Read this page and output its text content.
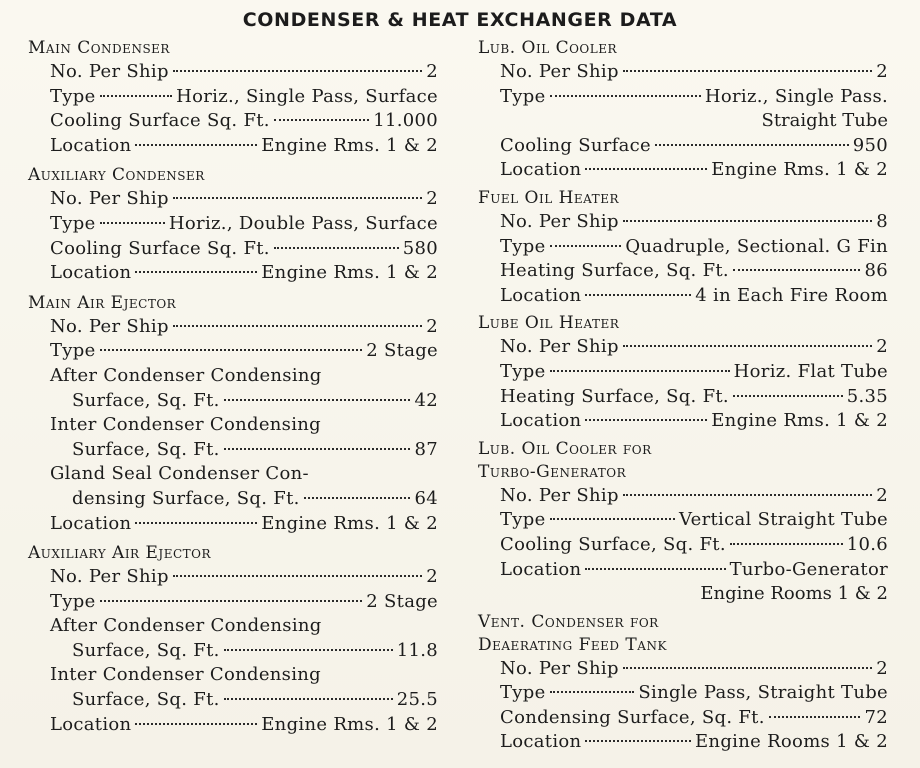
CONDENSER & HEAT EXCHANGER DATA
Main Condenser
No. Per Ship	2
Type	Horiz., Single Pass, Surface
Cooling Surface Sq. Ft.	11.000
Location	Engine Rms. 1 & 2
Auxiliary Condenser
No. Per Ship	2
Type	Horiz., Double Pass, Surface
Cooling Surface Sq. Ft.	580
Location	Engine Rms. 1 & 2
Main Air Ejector
No. Per Ship	2
Type	2 Stage
After Condenser Condensing
Surface, Sq. Ft.	42
Inter Condenser Condensing
Surface, Sq. Ft.	87
Gland Seal Condenser Con-
densing Surface, Sq. Ft.	64
Location	Engine Rms. 1 & 2
Auxiliary Air Ejector
No. Per Ship	2
Type	2 Stage
After Condenser Condensing
Surface, Sq. Ft.	11.8
Inter Condenser Condensing
Surface, Sq. Ft.	25.5
Location	Engine Rms. 1 & 2
Lub. Oil Cooler
No. Per Ship	2
Type	Horiz., Single Pass.
Straight Tube
Cooling Surface	950
Location	Engine Rms. 1 & 2
Fuel Oil Heater
No. Per Ship	8
Type	Quadruple, Sectional. G Fin
Heating Surface, Sq. Ft.	86
Location	4 in Each Fire Room
Lube Oil Heater
No. Per Ship	2
Type	Horiz. Flat Tube
Heating Surface, Sq. Ft.	5.35
Location	Engine Rms. 1 & 2
Lub. Oil Cooler for
Turbo-Generator
No. Per Ship	2
Type	Vertical Straight Tube
Cooling Surface, Sq. Ft.	10.6
Location	Turbo-Generator
Engine Rooms 1 & 2
Vent. Condenser for
Deaerating Feed Tank
No. Per Ship	2
Type	Single Pass, Straight Tube
Condensing Surface, Sq. Ft.	72
Location	Engine Rooms 1 & 2
